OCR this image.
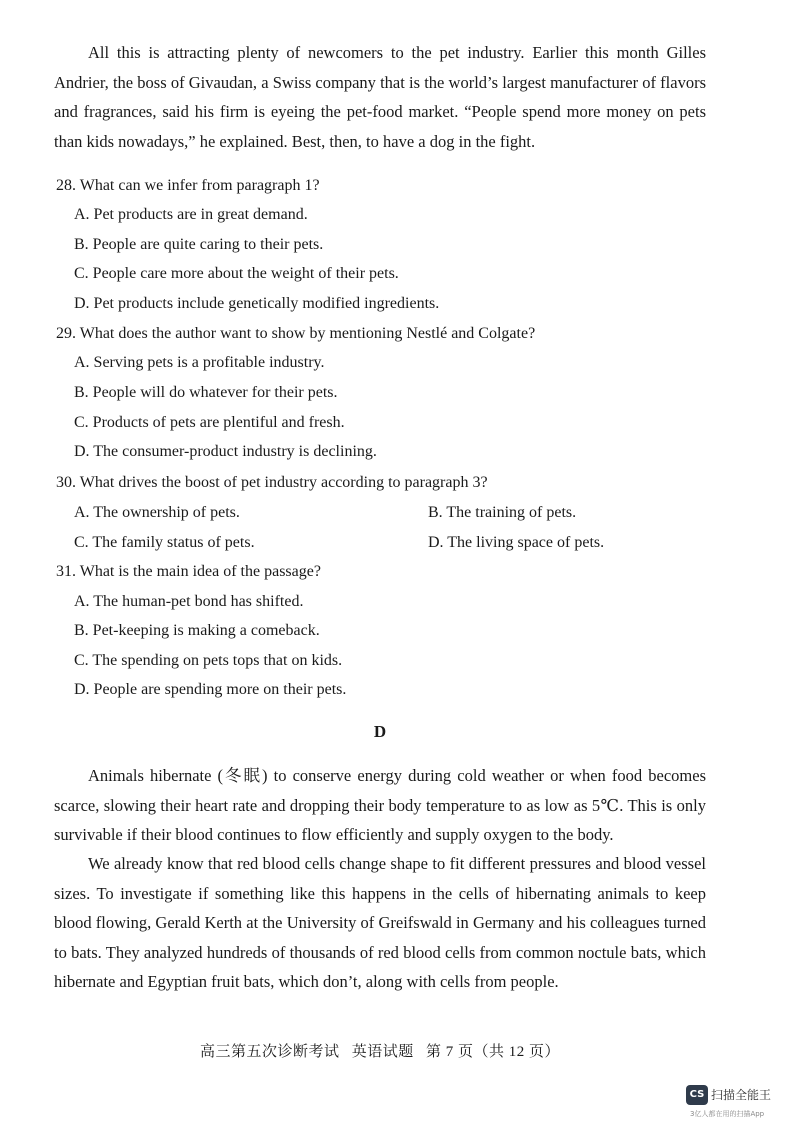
All this is attracting plenty of newcomers to the pet industry. Earlier this month Gilles Andrier, the boss of Givaudan, a Swiss company that is the world’s largest manufacturer of flavors and fragrances, said his firm is eyeing the pet-food market. “People spend more money on pets than kids nowadays,” he explained. Best, then, to have a dog in the fight.

28. What can we infer from paragraph 1?
A. Pet products are in great demand.
B. People are quite caring to their pets.
C. People care more about the weight of their pets.
D. Pet products include genetically modified ingredients.
29. What does the author want to show by mentioning Nestlé and Colgate?
A. Serving pets is a profitable industry.
B. People will do whatever for their pets.
C. Products of pets are plentiful and fresh.
D. The consumer-product industry is declining.
30. What drives the boost of pet industry according to paragraph 3?
A. The ownership of pets.	B. The training of pets.
C. The family status of pets.	D. The living space of pets.
31. What is the main idea of the passage?
A. The human-pet bond has shifted.
B. Pet-keeping is making a comeback.
C. The spending on pets tops that on kids.
D. People are spending more on their pets.
D

Animals hibernate (冬眠) to conserve energy during cold weather or when food becomes scarce, slowing their heart rate and dropping their body temperature to as low as 5℃. This is only survivable if their blood continues to flow efficiently and supply oxygen to the body.

We already know that red blood cells change shape to fit different pressures and blood vessel sizes. To investigate if something like this happens in the cells of hibernating animals to keep blood flowing, Gerald Kerth at the University of Greifswald in Germany and his colleagues turned to bats. They analyzed hundreds of thousands of red blood cells from common noctule bats, which hibernate and Egyptian fruit bats, which don’t, along with cells from people.

高三第五次诊断考试 英语试题 第 7 页（共 12 页）
CS 扫描全能王
3亿人都在用的扫描App
